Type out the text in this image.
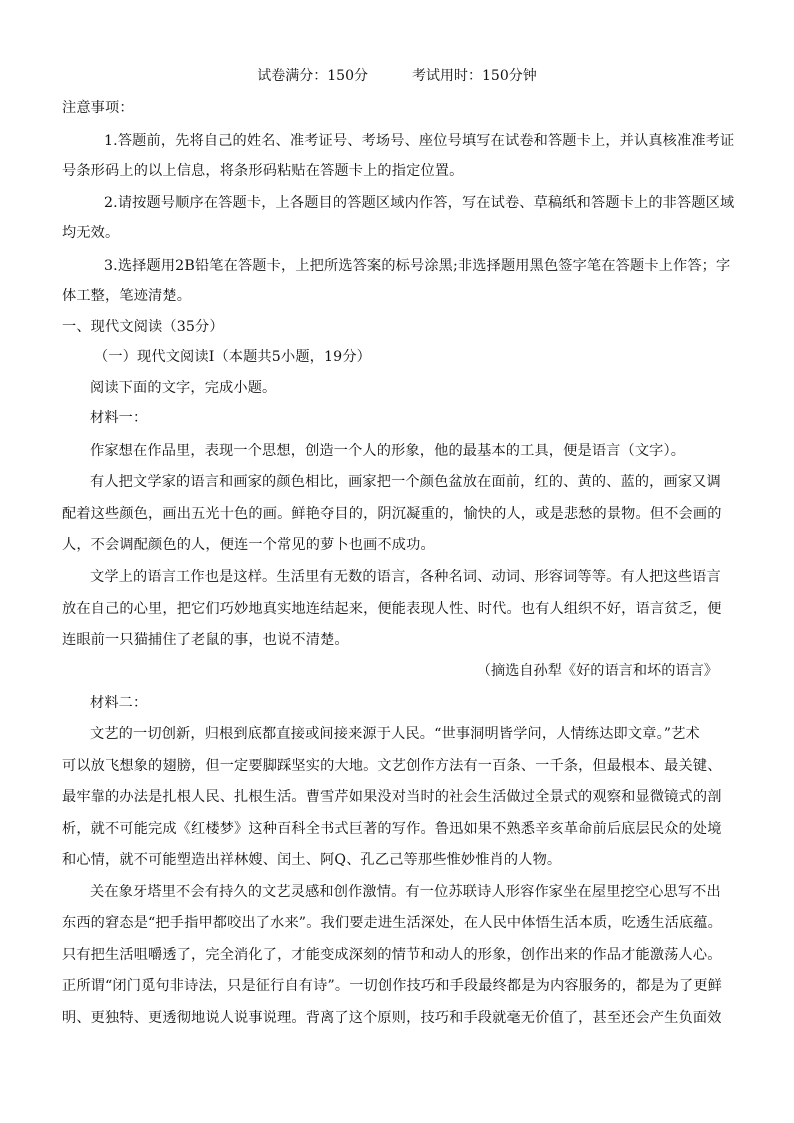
试卷满分：150分	考试用时：150分钟
注意事项：
1.答题前，先将自己的姓名、准考证号、考场号、座位号填写在试卷和答题卡上，并认真核准准考证
号条形码上的以上信息，将条形码粘贴在答题卡上的指定位置。
2.请按题号顺序在答题卡，上各题目的答题区域内作答，写在试卷、草稿纸和答题卡上的非答题区域
均无效。
3.选择题用2B铅笔在答题卡，上把所选答案的标号涂黑;非选择题用黑色签字笔在答题卡上作答；字
体工整，笔迹清楚。
一、现代文阅读（35分）
（一）现代文阅读Ⅰ（本题共5小题，19分）
阅读下面的文字，完成小题。
材料一：
作家想在作品里，表现一个思想，创造一个人的形象，他的最基本的工具，便是语言（文字）。
有人把文学家的语言和画家的颜色相比，画家把一个颜色盆放在面前，红的、黄的、蓝的，画家又调
配着这些颜色，画出五光十色的画。鲜艳夺目的，阴沉凝重的，愉快的人，或是悲愁的景物。但不会画的
人，不会调配颜色的人，便连一个常见的萝卜也画不成功。
文学上的语言工作也是这样。生活里有无数的语言，各种名词、动词、形容词等等。有人把这些语言
放在自己的心里，把它们巧妙地真实地连结起来，便能表现人性、时代。也有人组织不好，语言贫乏，便
连眼前一只猫捕住了老鼠的事，也说不清楚。
（摘选自孙犁《好的语言和坏的语言》
材料二：
文艺的一切创新，归根到底都直接或间接来源于人民。“世事洞明皆学问，人情练达即文章。”艺术
可以放飞想象的翅膀，但一定要脚踩坚实的大地。文艺创作方法有一百条、一千条，但最根本、最关键、
最牢靠的办法是扎根人民、扎根生活。曹雪芹如果没对当时的社会生活做过全景式的观察和显微镜式的剖
析，就不可能完成《红楼梦》这种百科全书式巨著的写作。鲁迅如果不熟悉辛亥革命前后底层民众的处境
和心情，就不可能塑造出祥林嫂、闰土、阿Q、孔乙己等那些惟妙惟肖的人物。
关在象牙塔里不会有持久的文艺灵感和创作激情。有一位苏联诗人形容作家坐在屋里挖空心思写不出
东西的窘态是“把手指甲都咬出了水来”。我们要走进生活深处，在人民中体悟生活本质，吃透生活底蕴。
只有把生活咀嚼透了，完全消化了，才能变成深刻的情节和动人的形象，创作出来的作品才能激荡人心。
正所谓“闭门觅句非诗法，只是征行自有诗”。一切创作技巧和手段最终都是为内容服务的，都是为了更鲜
明、更独特、更透彻地说人说事说理。背离了这个原则，技巧和手段就毫无价值了，甚至还会产生负面效
